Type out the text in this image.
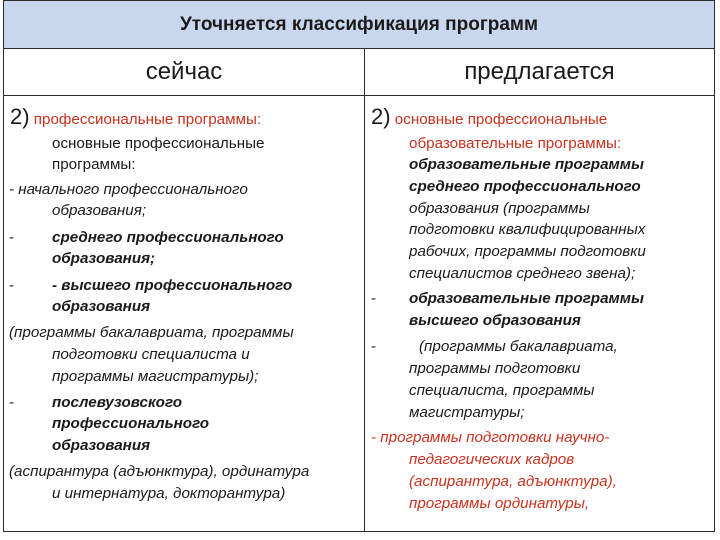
Уточняется классификация программ
сейчас	предлагается
2) профессиональные программы:
основные профессиональные
программы:
- начального профессионального
образования;
- среднего профессионального
образования;
- - высшего профессионального
образования
(программы бакалавриата, программы
подготовки специалиста и
программы магистратуры);
- послевузовского
профессионального
образования
(аспирантура (адъюнктура), ординатура
и интернатура, докторантура)
2) основные профессиональные
образовательные программы:
образовательные программы
среднего профессионального
образования (программы
подготовки квалифицированных
рабочих, программы подготовки
специалистов среднего звена);
- образовательные программы
высшего образования
-	(программы бакалавриата,
программы подготовки
специалиста, программы
магистратуры;
- программы подготовки научно-
педагогических кадров
(аспирантура, адъюнктура),
программы ординатуры,
